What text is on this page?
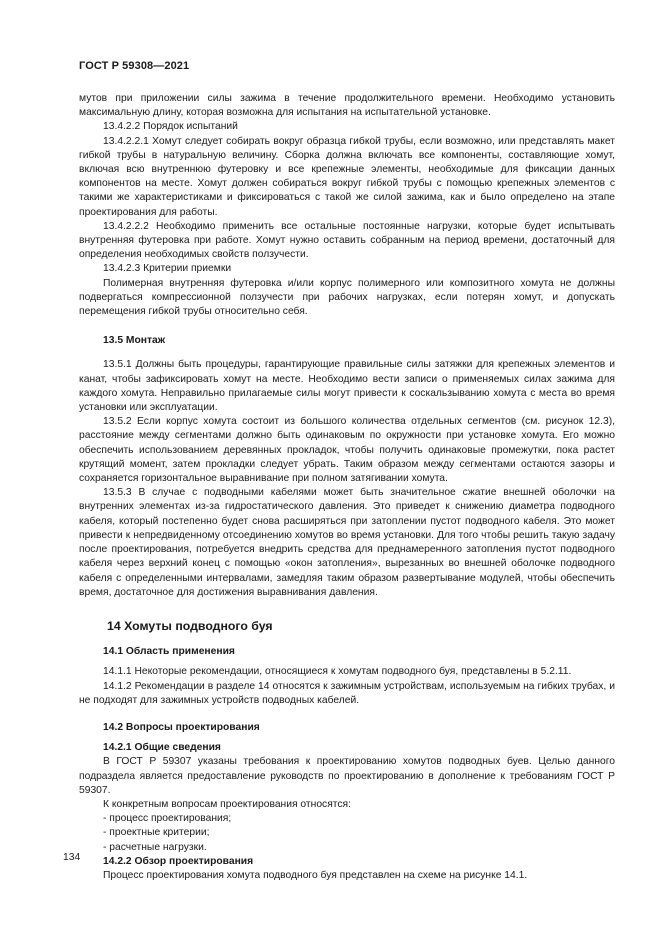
ГОСТ Р 59308—2021

мутов при приложении силы зажима в течение продолжительного времени. Необходимо установить максимальную длину, которая возможна для испытания на испытательной установке.

13.4.2.2 Порядок испытаний

13.4.2.2.1 Хомут следует собирать вокруг образца гибкой трубы, если возможно, или представлять макет гибкой трубы в натуральную величину. Сборка должна включать все компоненты, составляющие хомут, включая всю внутреннюю футеровку и все крепежные элементы, необходимые для фиксации данных компонентов на месте. Хомут должен собираться вокруг гибкой трубы с помощью крепежных элементов с такими же характеристиками и фиксироваться с такой же силой зажима, как и было определено на этапе проектирования для работы.

13.4.2.2.2 Необходимо применить все остальные постоянные нагрузки, которые будет испытывать внутренняя футеровка при работе. Хомут нужно оставить собранным на период времени, достаточный для определения необходимых свойств ползучести.

13.4.2.3 Критерии приемки

Полимерная внутренняя футеровка и/или корпус полимерного или композитного хомута не должны подвергаться компрессионной ползучести при рабочих нагрузках, если потерян хомут, и допускать перемещения гибкой трубы относительно себя.

13.5 Монтаж

13.5.1 Должны быть процедуры, гарантирующие правильные силы затяжки для крепежных элементов и канат, чтобы зафиксировать хомут на месте. Необходимо вести записи о применяемых силах зажима для каждого хомута. Неправильно прилагаемые силы могут привести к соскальзыванию хомута с места во время установки или эксплуатации.

13.5.2 Если корпус хомута состоит из большого количества отдельных сегментов (см. рисунок 12.3), расстояние между сегментами должно быть одинаковым по окружности при установке хомута. Его можно обеспечить использованием деревянных прокладок, чтобы получить одинаковые промежутки, пока растет крутящий момент, затем прокладки следует убрать. Таким образом между сегментами остаются зазоры и сохраняется горизонтальное выравнивание при полном затягивании хомута.

13.5.3 В случае с подводными кабелями может быть значительное сжатие внешней оболочки на внутренних элементах из-за гидростатического давления. Это приведет к снижению диаметра подводного кабеля, который постепенно будет снова расширяться при затоплении пустот подводного кабеля. Это может привести к непредвиденному отсоединению хомутов во время установки. Для того чтобы решить такую задачу после проектирования, потребуется внедрить средства для преднамеренного затопления пустот подводного кабеля через верхний конец с помощью «окон затопления», вырезанных во внешней оболочке подводного кабеля с определенными интервалами, замедляя таким образом развертывание модулей, чтобы обеспечить время, достаточное для достижения выравнивания давления.

14 Хомуты подводного буя

14.1 Область применения

14.1.1 Некоторые рекомендации, относящиеся к хомутам подводного буя, представлены в 5.2.11.

14.1.2 Рекомендации в разделе 14 относятся к зажимным устройствам, используемым на гибких трубах, и не подходят для зажимных устройств подводных кабелей.

14.2 Вопросы проектирования

14.2.1 Общие сведения

В ГОСТ Р 59307 указаны требования к проектированию хомутов подводных буев. Целью данного подраздела является предоставление руководств по проектированию в дополнение к требованиям ГОСТ Р 59307.

К конкретным вопросам проектирования относятся:

- процесс проектирования;

- проектные критерии;

- расчетные нагрузки.

14.2.2 Обзор проектирования

Процесс проектирования хомута подводного буя представлен на схеме на рисунке 14.1.

134
